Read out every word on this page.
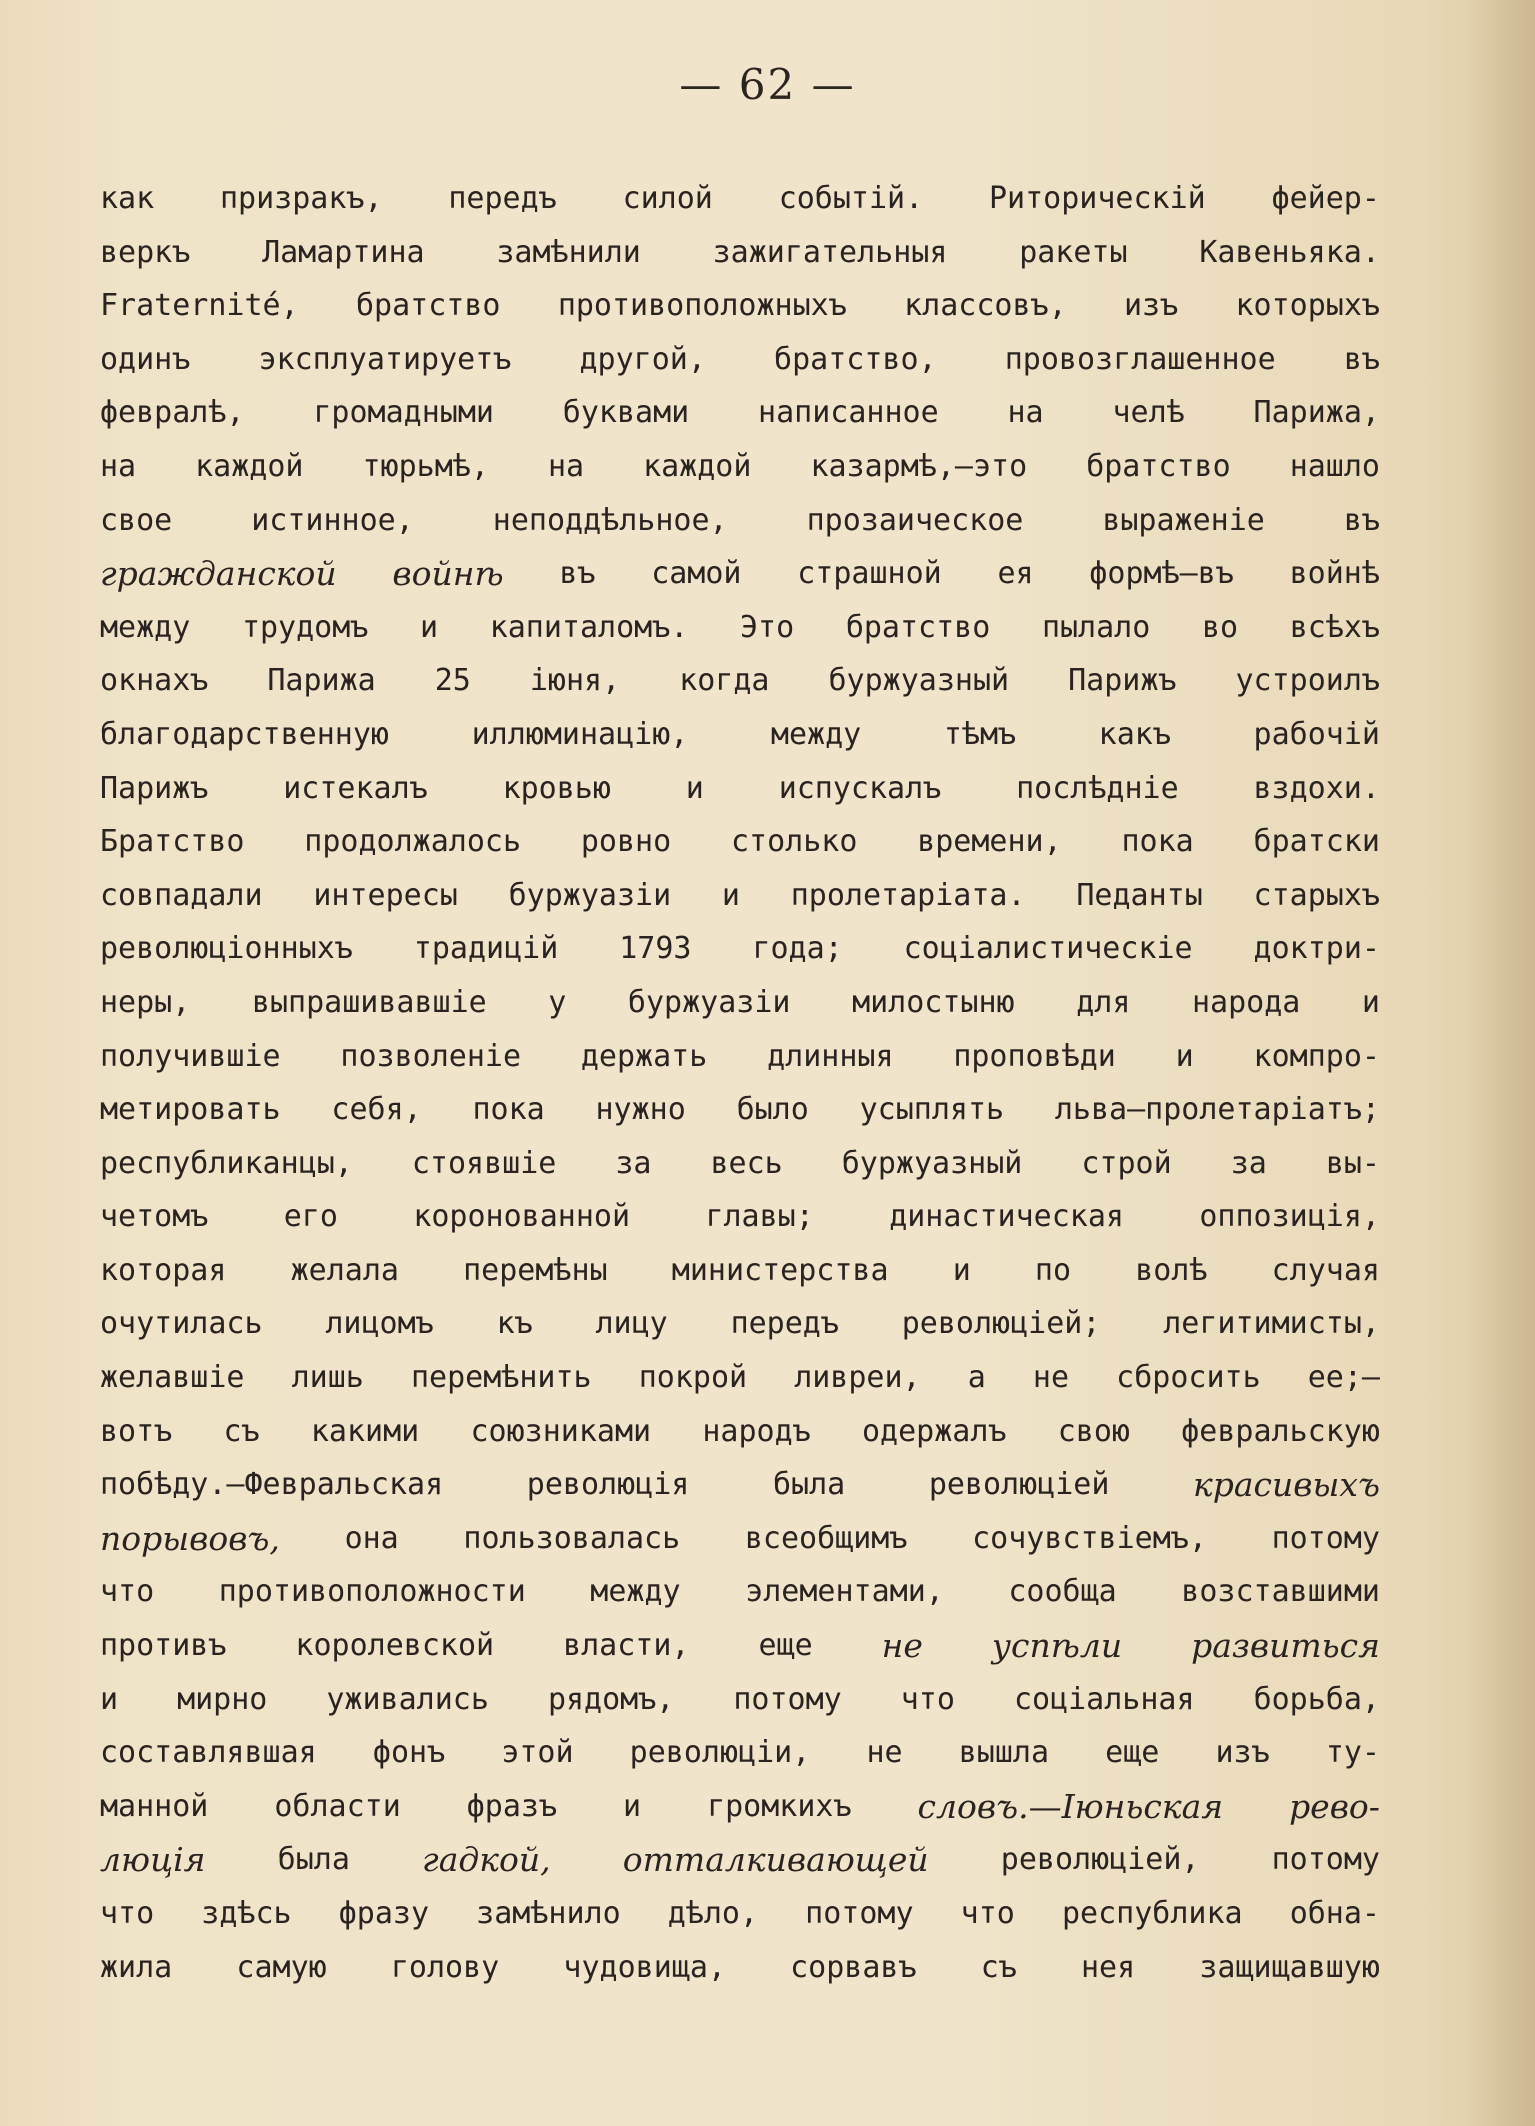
— 62 —
как призракъ, передъ силой событій. Риторическій фейер-
веркъ Ламартина замѣнили зажигательныя ракеты Кавеньяка.
Fraternité, братство противоположныхъ классовъ, изъ которыхъ
одинъ эксплуатируетъ другой, братство, провозглашенное въ
февралѣ, громадными буквами написанное на челѣ Парижа,
на каждой тюрьмѣ, на каждой казармѣ,—это братство нашло
свое	истинное,	неподдѣльное,	прозаическое	выраженіе	въ
гражданской войнѣ въ самой страшной ея формѣ—въ войнѣ
между трудомъ и капиталомъ. Это братство пылало во всѣхъ
окнахъ Парижа 25 іюня, когда буржуазный Парижъ устроилъ
благодарственную	иллюминацію,	между	тѣмъ	какъ	рабочій
Парижъ истекалъ кровью и испускалъ послѣдніе вздохи.
Братство продолжалось ровно столько времени, пока братски
совпадали интересы буржуазіи и пролетаріата. Педанты старыхъ
революціонныхъ традицій 1793 года; соціалистическіе доктри-
неры, выпрашивавшіе у буржуазіи милостыню для народа и
получившіе позволеніе держать длинныя проповѣди и компро-
метировать себя, пока нужно было усыплять льва—пролетаріатъ;
республиканцы, стоявшіе за весь буржуазный строй за вы-
четомъ	его	коронованной	главы;	династическая	оппозиція,
которая желала перемѣны министерства и по волѣ случая
очутилась лицомъ къ лицу передъ революціей; легитимисты,
желавшіе лишь перемѣнить покрой ливреи, а не сбросить ее;—
вотъ съ какими союзниками народъ одержалъ свою февральскую
побѣду.—Февральская	революція	была	революціей	красивыхъ
порывовъ, она пользовалась всеобщимъ сочувствіемъ, потому
что противоположности между элементами, сообща возставшими
противъ королевской власти, еще не успѣли развиться
и мирно уживались рядомъ, потому что соціальная борьба,
составлявшая фонъ этой революціи, не вышла еще изъ ту-
манной области фразъ и громкихъ словъ.—Іюньская рево-
люція была гадкой, отталкивающей революціей, потому
что здѣсь фразу замѣнило дѣло, потому что республика обна-
жила самую голову чудовища, сорвавъ съ нея защищавшую
